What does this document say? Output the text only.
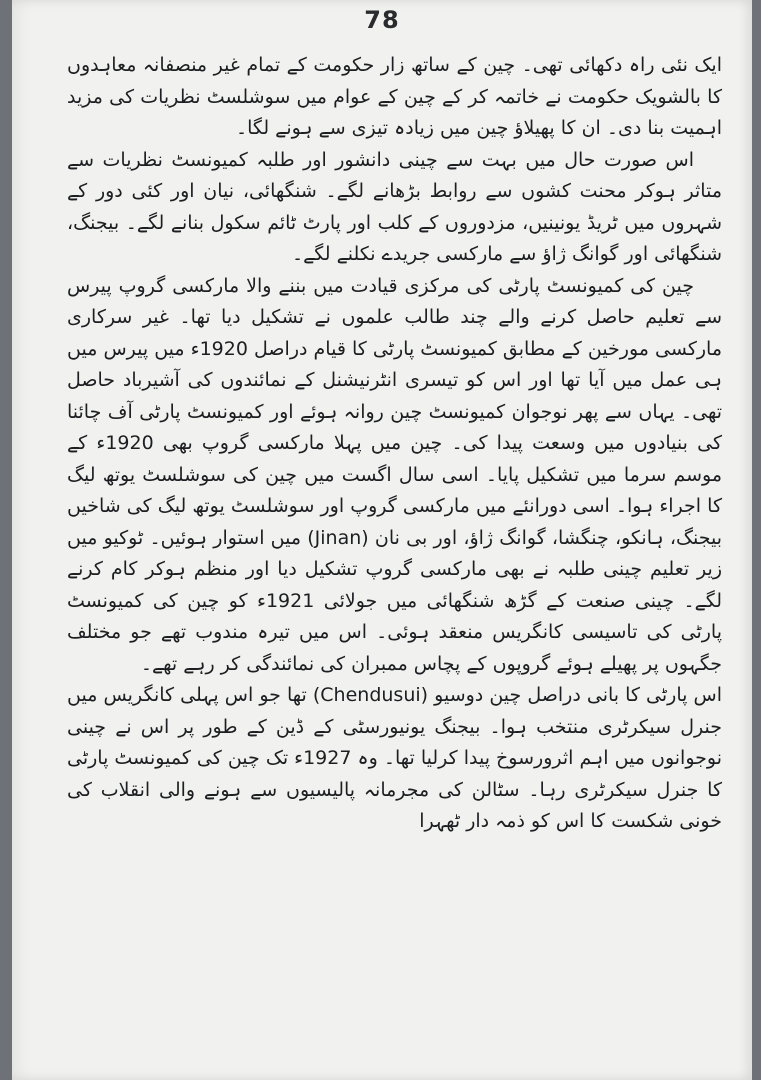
78

ایک نئی راہ دکھائی تھی۔ چین کے ساتھ زار حکومت کے تمام غیر منصفانہ معاہدوں کا بالشویک حکومت نے خاتمہ کر کے چین کے عوام میں سوشلسٹ نظریات کی مزید اہمیت بنا دی۔ ان کا پھیلاؤ چین میں زیادہ تیزی سے ہونے لگا۔

اس صورت حال میں بہت سے چینی دانشور اور طلبہ کمیونسٹ نظریات سے متاثر ہوکر محنت کشوں سے روابط بڑھانے لگے۔ شنگھائی، نیان اور کئی دور کے شہروں میں ٹریڈ یونینیں، مزدوروں کے کلب اور پارٹ ٹائم سکول بنانے لگے۔ بیجنگ، شنگھائی اور گوانگ ژاؤ سے مارکسی جریدے نکلنے لگے۔

چین کی کمیونسٹ پارٹی کی مرکزی قیادت میں بننے والا مارکسی گروپ پیرس سے تعلیم حاصل کرنے والے چند طالب علموں نے تشکیل دیا تھا۔ غیر سرکاری مارکسی مورخین کے مطابق کمیونسٹ پارٹی کا قیام دراصل 1920ء میں پیرس میں ہی عمل میں آیا تھا اور اس کو تیسری انٹرنیشنل کے نمائندوں کی آشیرباد حاصل تھی۔ یہاں سے پھر نوجوان کمیونسٹ چین روانہ ہوئے اور کمیونسٹ پارٹی آف چائنا کی بنیادوں میں وسعت پیدا کی۔ چین میں پہلا مارکسی گروپ بھی 1920ء کے موسم سرما میں تشکیل پایا۔ اسی سال اگست میں چین کی سوشلسٹ یوتھ لیگ کا اجراء ہوا۔ اسی دورانئے میں مارکسی گروپ اور سوشلسٹ یوتھ لیگ کی شاخیں بیجنگ، ہانکو، چنگشا، گوانگ ژاؤ، اور بی نان (Jinan) میں استوار ہوئیں۔ ٹوکیو میں زیر تعلیم چینی طلبہ نے بھی مارکسی گروپ تشکیل دیا اور منظم ہوکر کام کرنے لگے۔ چینی صنعت کے گڑھ شنگھائی میں جولائی 1921ء کو چین کی کمیونسٹ پارٹی کی تاسیسی کانگریس منعقد ہوئی۔ اس میں تیرہ مندوب تھے جو مختلف جگہوں پر پھیلے ہوئے گروپوں کے پچاس ممبران کی نمائندگی کر رہے تھے۔

اس پارٹی کا بانی دراصل چین دوسیو (Chendusui) تھا جو اس پہلی کانگریس میں جنرل سیکرٹری منتخب ہوا۔ بیجنگ یونیورسٹی کے ڈین کے طور پر اس نے چینی نوجوانوں میں اہم اثرورسوخ پیدا کرلیا تھا۔ وہ 1927ء تک چین کی کمیونسٹ پارٹی کا جنرل سیکرٹری رہا۔ سٹالن کی مجرمانہ پالیسیوں سے ہونے والی انقلاب کی خونی شکست کا اس کو ذمہ دار ٹھہرا
